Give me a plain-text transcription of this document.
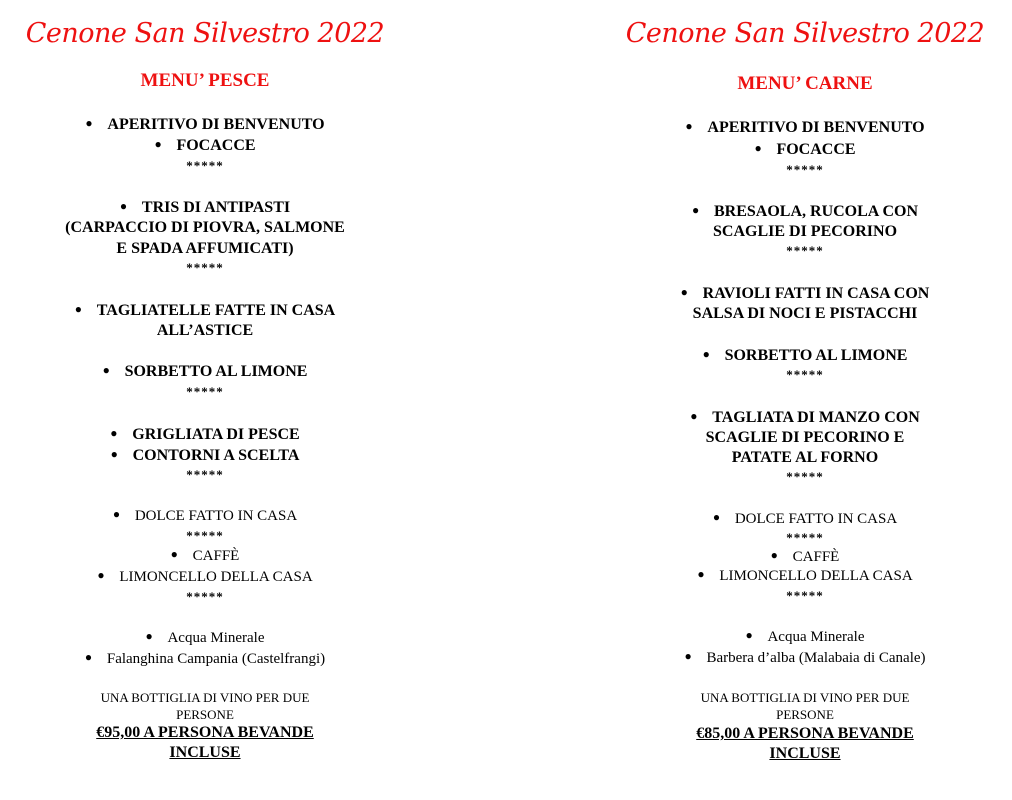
Cenone San Silvestro 2022
MENU’ PESCE
● APERITIVO DI BENVENUTO
● FOCACCE
*****
● TRIS DI ANTIPASTI
(CARPACCIO DI PIOVRA, SALMONE
E SPADA AFFUMICATI)
*****
● TAGLIATELLE FATTE IN CASA
ALL’ASTICE
● SORBETTO AL LIMONE
*****
● GRIGLIATA DI PESCE
● CONTORNI A SCELTA
*****
● DOLCE FATTO IN CASA
*****
● CAFFÈ
● LIMONCELLO DELLA CASA
*****
● Acqua Minerale
● Falanghina Campania (Castelfrangi)
UNA BOTTIGLIA DI VINO PER DUE
PERSONE
€95,00 A PERSONA BEVANDE
INCLUSE
Cenone San Silvestro 2022
MENU’ CARNE
● APERITIVO DI BENVENUTO
● FOCACCE
*****
● BRESAOLA, RUCOLA CON
SCAGLIE DI PECORINO
*****
● RAVIOLI FATTI IN CASA CON
SALSA DI NOCI E PISTACCHI
● SORBETTO AL LIMONE
*****
● TAGLIATA DI MANZO CON
SCAGLIE DI PECORINO E
PATATE AL FORNO
*****
● DOLCE FATTO IN CASA
*****
● CAFFÈ
● LIMONCELLO DELLA CASA
*****
● Acqua Minerale
● Barbera d’alba (Malabaia di Canale)
UNA BOTTIGLIA DI VINO PER DUE
PERSONE
€85,00 A PERSONA BEVANDE
INCLUSE
